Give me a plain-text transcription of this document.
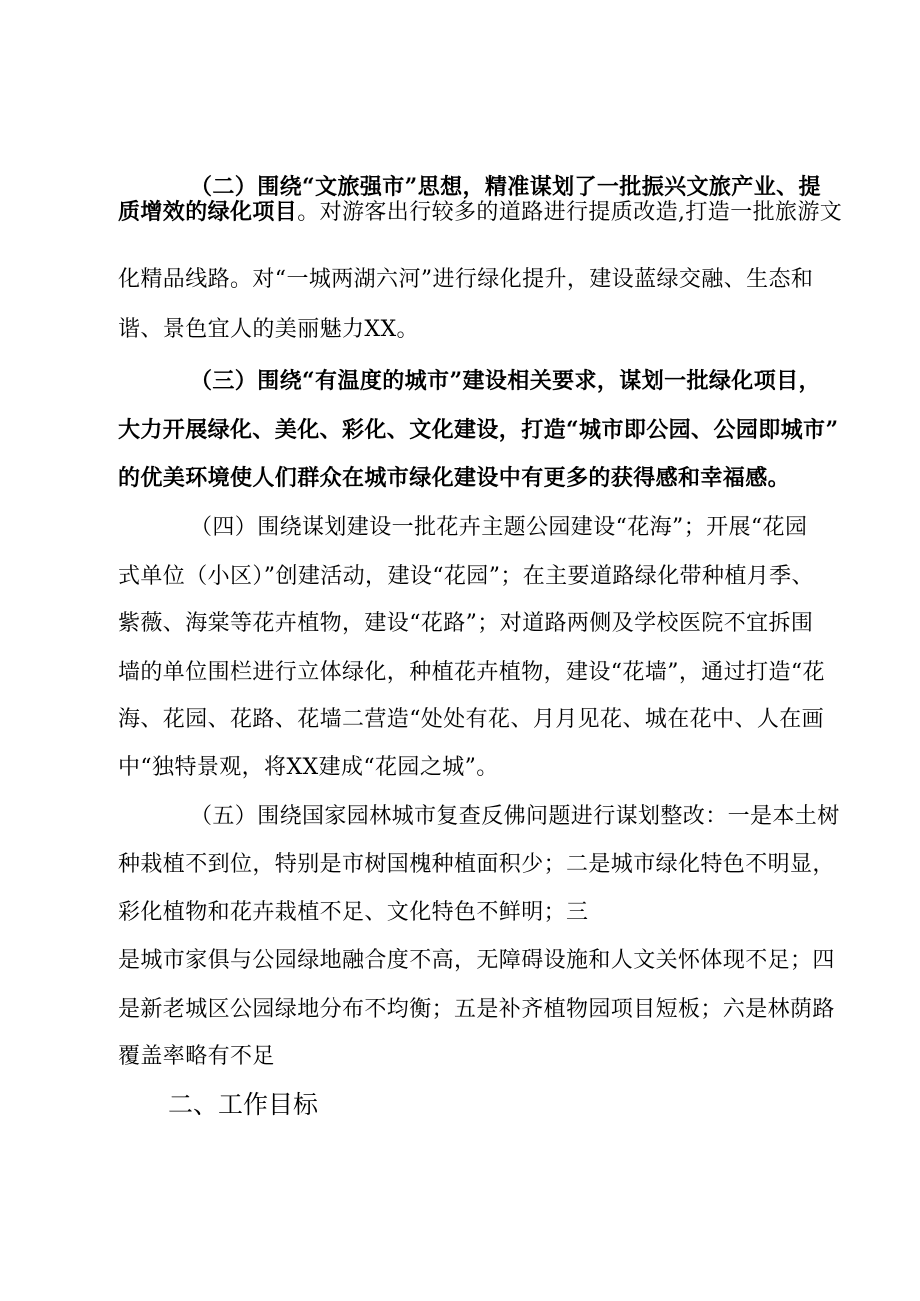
（二）围绕“文旅强市”思想，精准谋划了一批振兴文旅产业、提
质增效的绿化项目。对游客出行较多的道路进行提质改造,打造一批旅游文
化精品线路。对“一城两湖六河”进行绿化提升，建设蓝绿交融、生态和
谐、景色宜人的美丽魅力XX。
（三）围绕“有温度的城市”建设相关要求，谋划一批绿化项目，
大力开展绿化、美化、彩化、文化建设，打造“城市即公园、公园即城市”
的优美环境使人们群众在城市绿化建设中有更多的获得感和幸福感。
（四）围绕谋划建设一批花卉主题公园建设“花海”；开展“花园
式单位（小区）”创建活动，建设“花园”；在主要道路绿化带种植月季、
紫薇、海棠等花卉植物，建设“花路”；对道路两侧及学校医院不宜拆围
墙的单位围栏进行立体绿化，种植花卉植物，建设“花墙”，通过打造“花
海、花园、花路、花墙二营造“处处有花、月月见花、城在花中、人在画
中“独特景观，将XX建成“花园之城”。
（五）围绕国家园林城市复查反佛问题进行谋划整改：一是本土树
种栽植不到位，特别是市树国槐种植面积少；二是城市绿化特色不明显，
彩化植物和花卉栽植不足、文化特色不鲜明；三
是城市家俱与公园绿地融合度不高，无障碍设施和人文关怀体现不足；四
是新老城区公园绿地分布不均衡；五是补齐植物园项目短板；六是林荫路
覆盖率略有不足
二、工作目标
